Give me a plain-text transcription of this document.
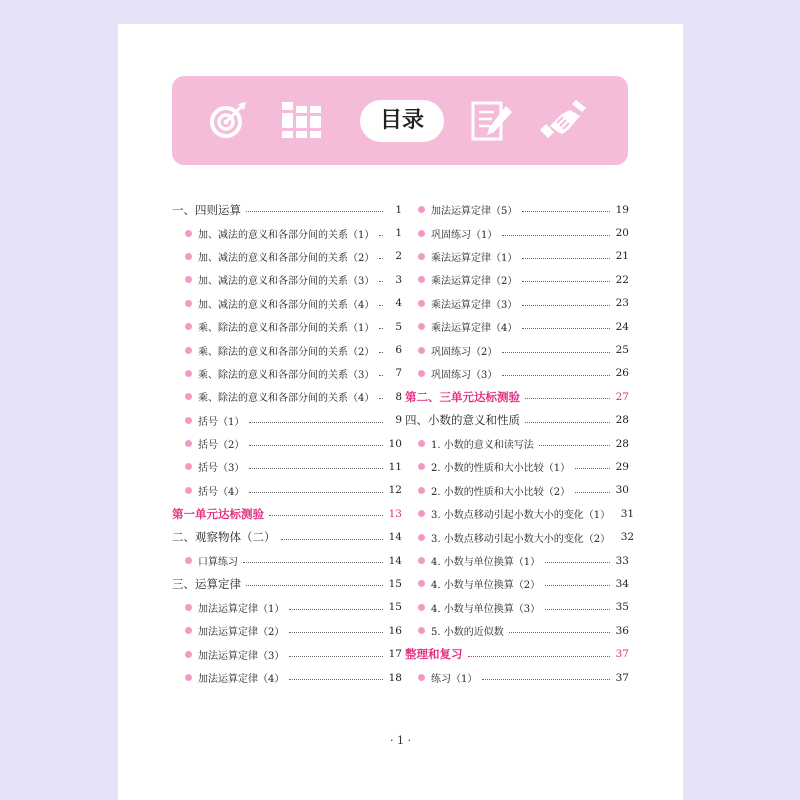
目录
一、四则运算	1
加、减法的意义和各部分间的关系（1）	1
加、减法的意义和各部分间的关系（2）	2
加、减法的意义和各部分间的关系（3）	3
加、减法的意义和各部分间的关系（4）	4
乘、除法的意义和各部分间的关系（1）	5
乘、除法的意义和各部分间的关系（2）	6
乘、除法的意义和各部分间的关系（3）	7
乘、除法的意义和各部分间的关系（4）	8
括号（1）	9
括号（2）	10
括号（3）	11
括号（4）	12
第一单元达标测验	13
二、观察物体（二）	14
口算练习	14
三、运算定律	15
加法运算定律（1）	15
加法运算定律（2）	16
加法运算定律（3）	17
加法运算定律（4）	18
加法运算定律（5）	19
巩固练习（1）	20
乘法运算定律（1）	21
乘法运算定律（2）	22
乘法运算定律（3）	23
乘法运算定律（4）	24
巩固练习（2）	25
巩固练习（3）	26
第二、三单元达标测验	27
四、小数的意义和性质	28
1. 小数的意义和读写法	28
2. 小数的性质和大小比较（1）	29
2. 小数的性质和大小比较（2）	30
3. 小数点移动引起小数大小的变化（1） 31
3. 小数点移动引起小数大小的变化（2） 32
4. 小数与单位换算（1）	33
4. 小数与单位换算（2）	34
4. 小数与单位换算（3）	35
5. 小数的近似数	36
整理和复习	37
练习（1）	37
· 1 ·
